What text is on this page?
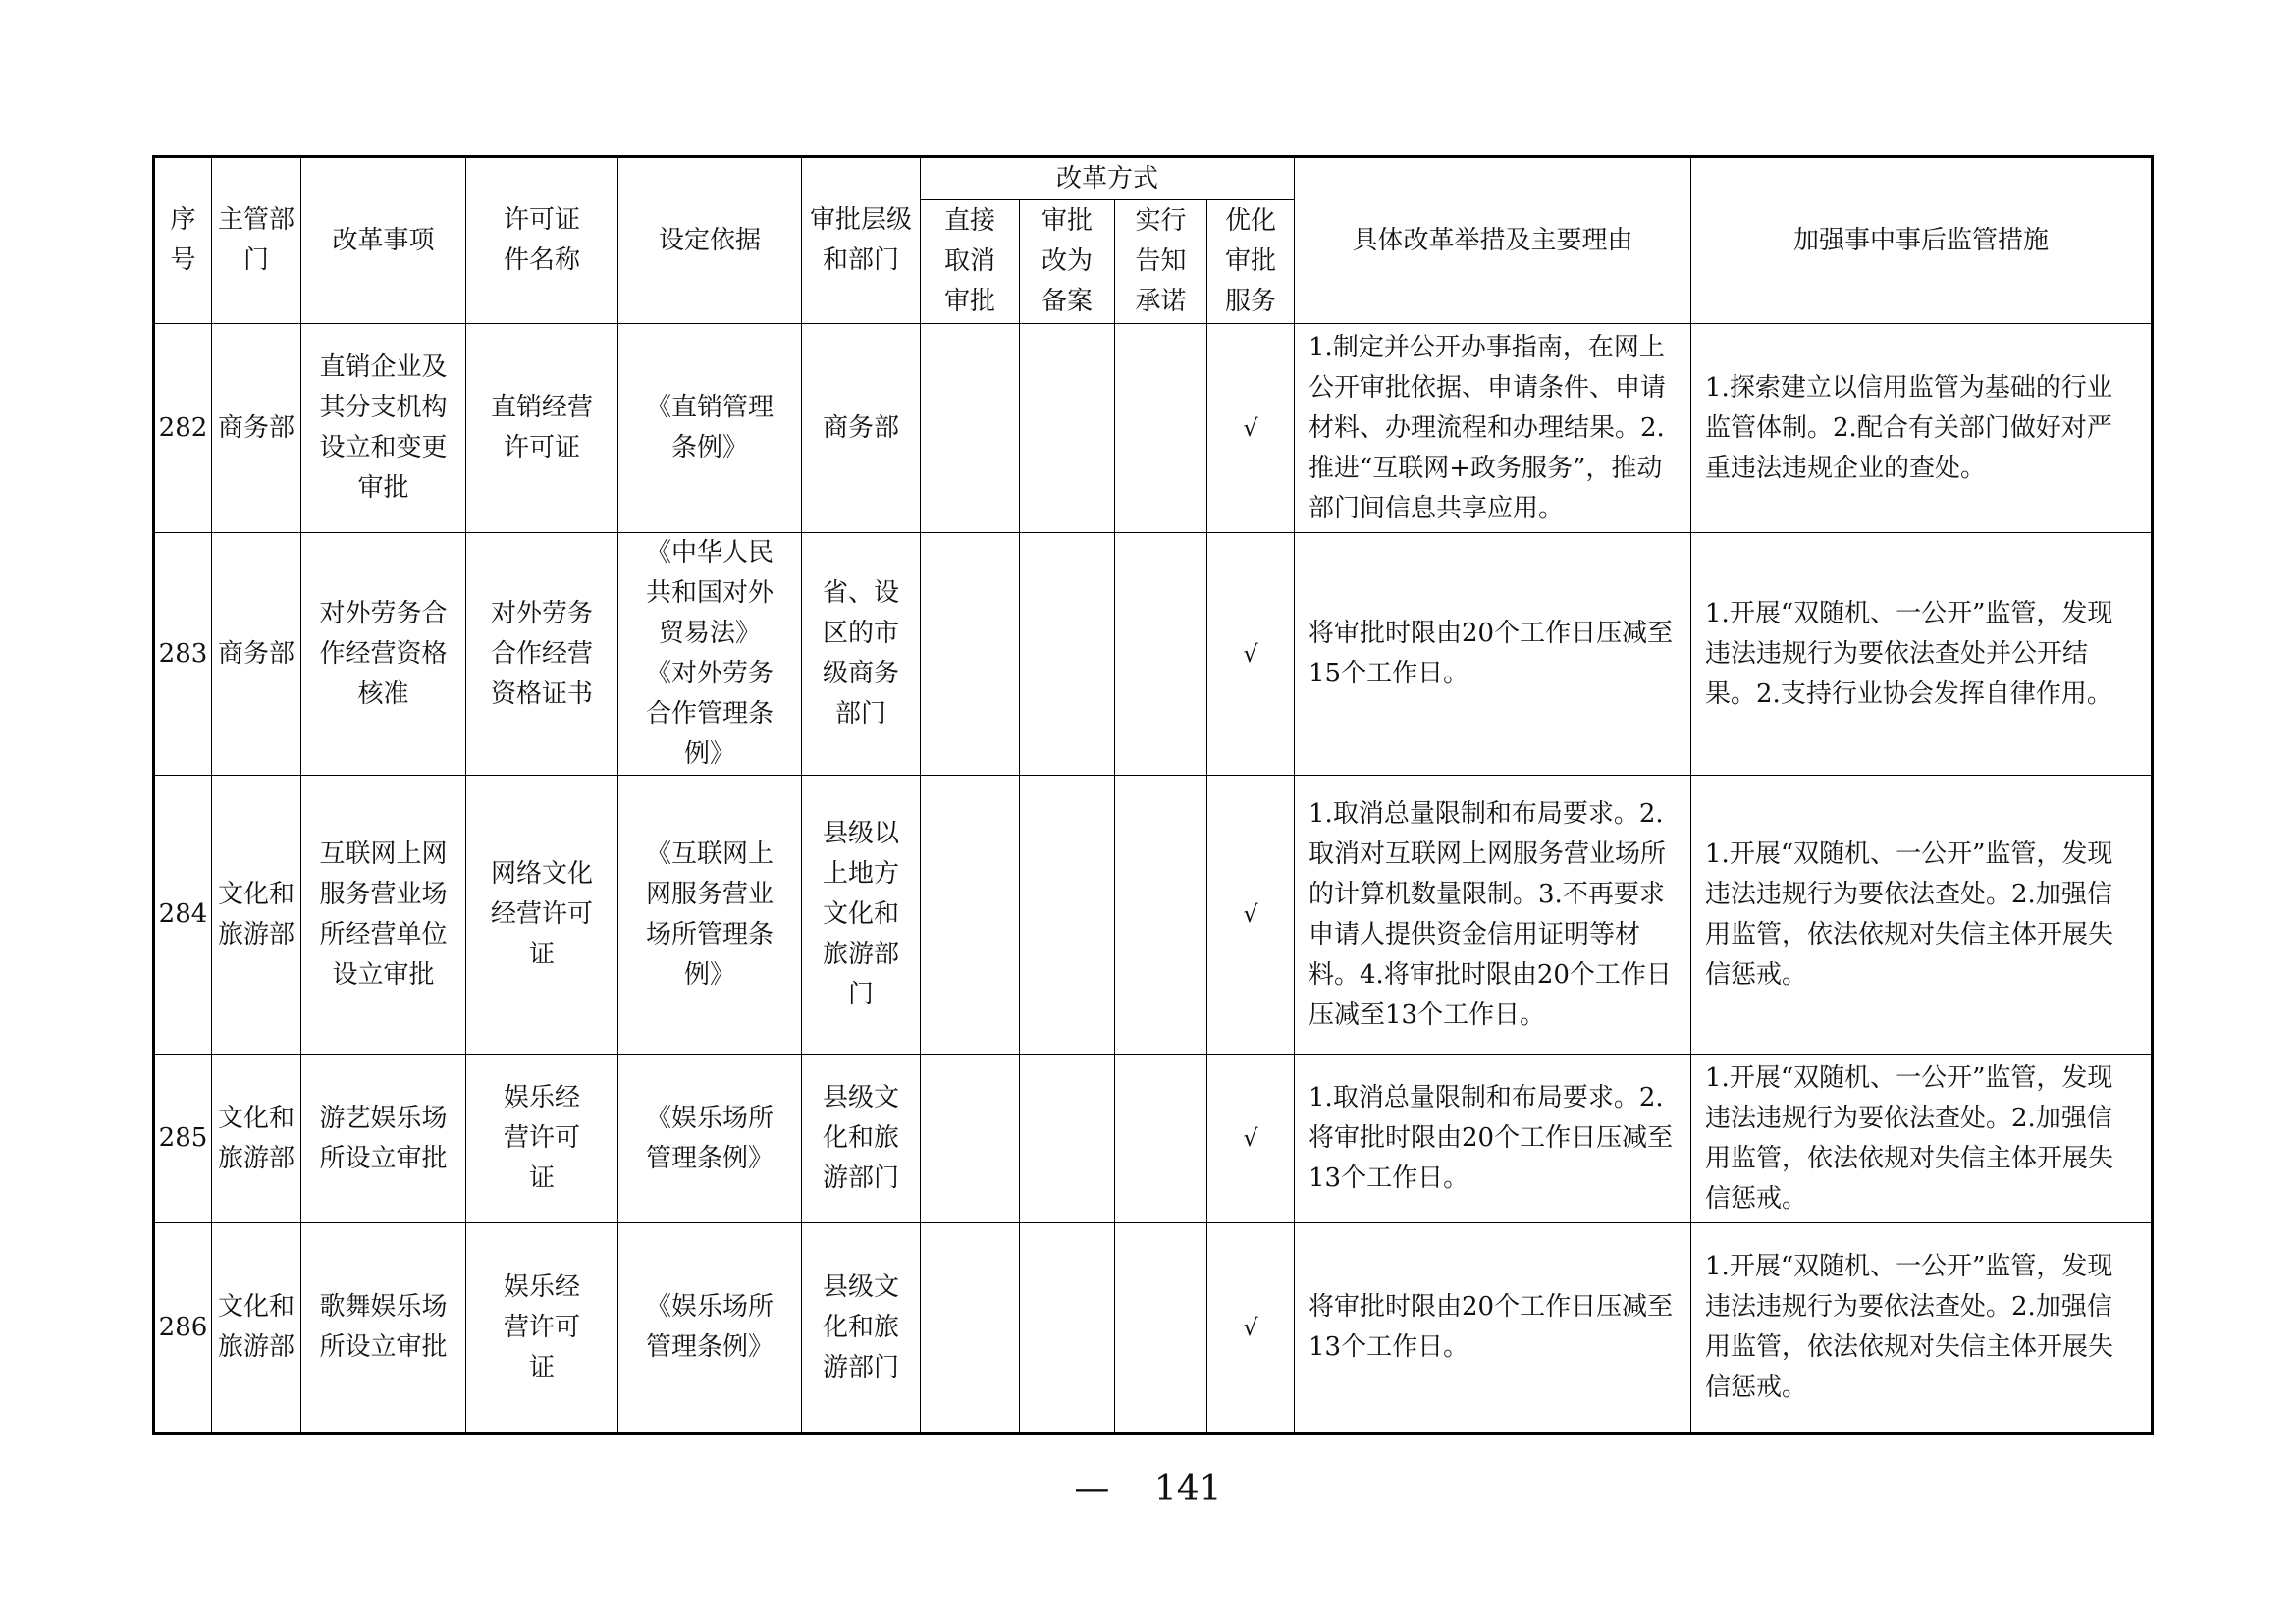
序号	主管部门	改革事项	许可证件名称	设定依据	审批层级和部门	改革方式				具体改革举措及主要理由	加强事中事后监管措施
						直接取消审批	审批改为备案	实行告知承诺	优化审批服务		
282	商务部	直销企业及其分支机构设立和变更审批	直销经营许可证	《直销管理条例》	商务部				√	1.制定并公开办事指南，在网上公开审批依据、申请条件、申请材料、办理流程和办理结果。2.推进“互联网+政务服务”，推动部门间信息共享应用。	1.探索建立以信用监管为基础的行业监管体制。2.配合有关部门做好对严重违法违规企业的查处。
283	商务部	对外劳务合作经营资格核准	对外劳务合作经营资格证书	《中华人民共和国对外贸易法》《对外劳务合作管理条例》	省、设区的市级商务部门				√	将审批时限由20个工作日压减至15个工作日。	1.开展“双随机、一公开”监管，发现违法违规行为要依法查处并公开结果。2.支持行业协会发挥自律作用。
284	文化和旅游部	互联网上网服务营业场所经营单位设立审批	网络文化经营许可证	《互联网上网服务营业场所管理条例》	县级以上地方文化和旅游部门				√	1.取消总量限制和布局要求。2.取消对互联网上网服务营业场所的计算机数量限制。3.不再要求申请人提供资金信用证明等材料。4.将审批时限由20个工作日压减至13个工作日。	1.开展“双随机、一公开”监管，发现违法违规行为要依法查处。2.加强信用监管，依法依规对失信主体开展失信惩戒。
285	文化和旅游部	游艺娱乐场所设立审批	娱乐经营许可证	《娱乐场所管理条例》	县级文化和旅游部门				√	1.取消总量限制和布局要求。2.将审批时限由20个工作日压减至13个工作日。	1.开展“双随机、一公开”监管，发现违法违规行为要依法查处。2.加强信用监管，依法依规对失信主体开展失信惩戒。
286	文化和旅游部	歌舞娱乐场所设立审批	娱乐经营许可证	《娱乐场所管理条例》	县级文化和旅游部门				√	将审批时限由20个工作日压减至13个工作日。	1.开展“双随机、一公开”监管，发现违法违规行为要依法查处。2.加强信用监管，依法依规对失信主体开展失信惩戒。
— 141
